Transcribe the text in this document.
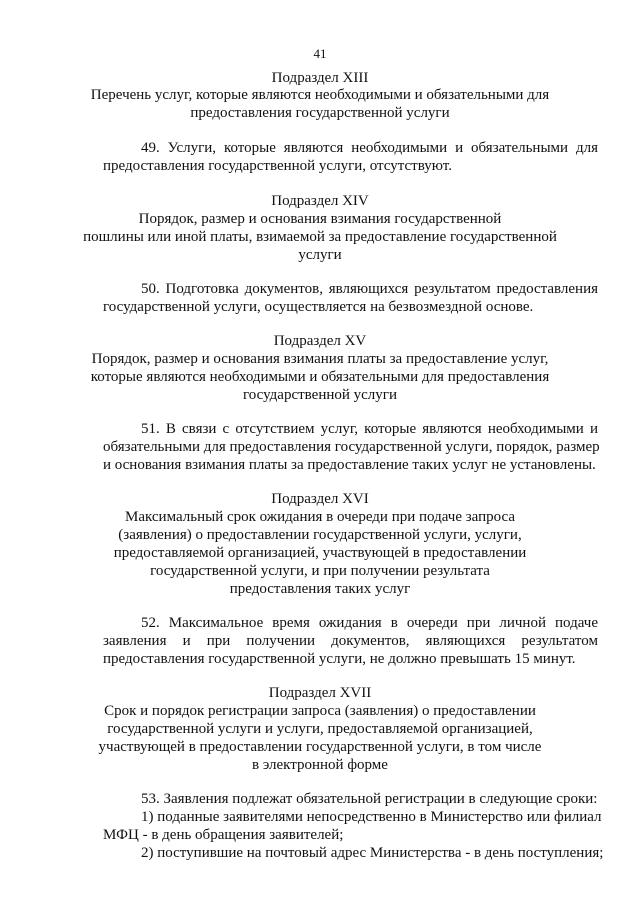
41

Подраздел XIII

Перечень услуг, которые являются необходимыми и обязательными для

предоставления государственной услуги

49. Услуги, которые являются необходимыми и обязательными для

предоставления государственной услуги, отсутствуют.

Подраздел XIV

Порядок, размер и основания взимания государственной

пошлины или иной платы, взимаемой за предоставление государственной

услуги

50. Подготовка документов, являющихся результатом предоставления

государственной услуги, осуществляется на безвозмездной основе.

Подраздел XV

Порядок, размер и основания взимания платы за предоставление услуг,

которые являются необходимыми и обязательными для предоставления

государственной услуги

51. В связи с отсутствием услуг, которые являются необходимыми и

обязательными для предоставления государственной услуги, порядок, размер

и основания взимания платы за предоставление таких услуг не установлены.

Подраздел XVI

Максимальный срок ожидания в очереди при подаче запроса

(заявления) о предоставлении государственной услуги, услуги,

предоставляемой организацией, участвующей в предоставлении

государственной услуги, и при получении результата

предоставления таких услуг

52. Максимальное время ожидания в очереди при личной подаче

заявления и при получении документов, являющихся результатом

предоставления государственной услуги, не должно превышать 15 минут.

Подраздел XVII

Срок и порядок регистрации запроса (заявления) о предоставлении

государственной услуги и услуги, предоставляемой организацией,

участвующей в предоставлении государственной услуги, в том числе

в электронной форме

53. Заявления подлежат обязательной регистрации в следующие сроки:

1) поданные заявителями непосредственно в Министерство или филиал

МФЦ - в день обращения заявителей;

2) поступившие на почтовый адрес Министерства - в день поступления;
